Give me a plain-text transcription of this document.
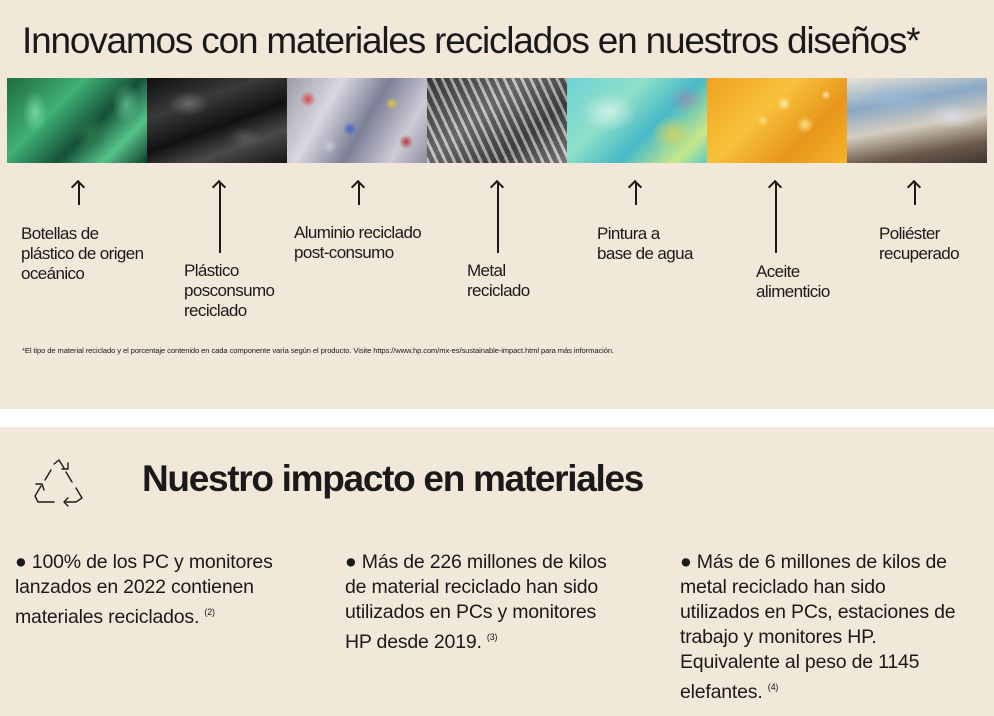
Innovamos con materiales reciclados en nuestros diseños*
Botellas de
plástico de origen
oceánico	Plástico
posconsumo
reciclado
Aluminio reciclado
post-consumo
Metal
reciclado
Pintura a
base de agua
Aceite
alimenticio
Poliéster
recuperado
*El tipo de material reciclado y el porcentaje contenido en cada componente varía según el producto. Visite https://www.hp.com/mx-es/sustainable-impact.html para más información.
Nuestro impacto en materiales
● 100% de los PC y monitores
lanzados en 2022 contienen
materiales reciclados. $^{(2)}$
● Más de 226 millones de kilos
de material reciclado han sido
utilizados en PCs y monitores
HP desde 2019. $^{(3)}$
● Más de 6 millones de kilos de
metal reciclado han sido
utilizados en PCs, estaciones de
trabajo y monitores HP.
Equivalente al peso de 1145
elefantes. $^{(4)}$
